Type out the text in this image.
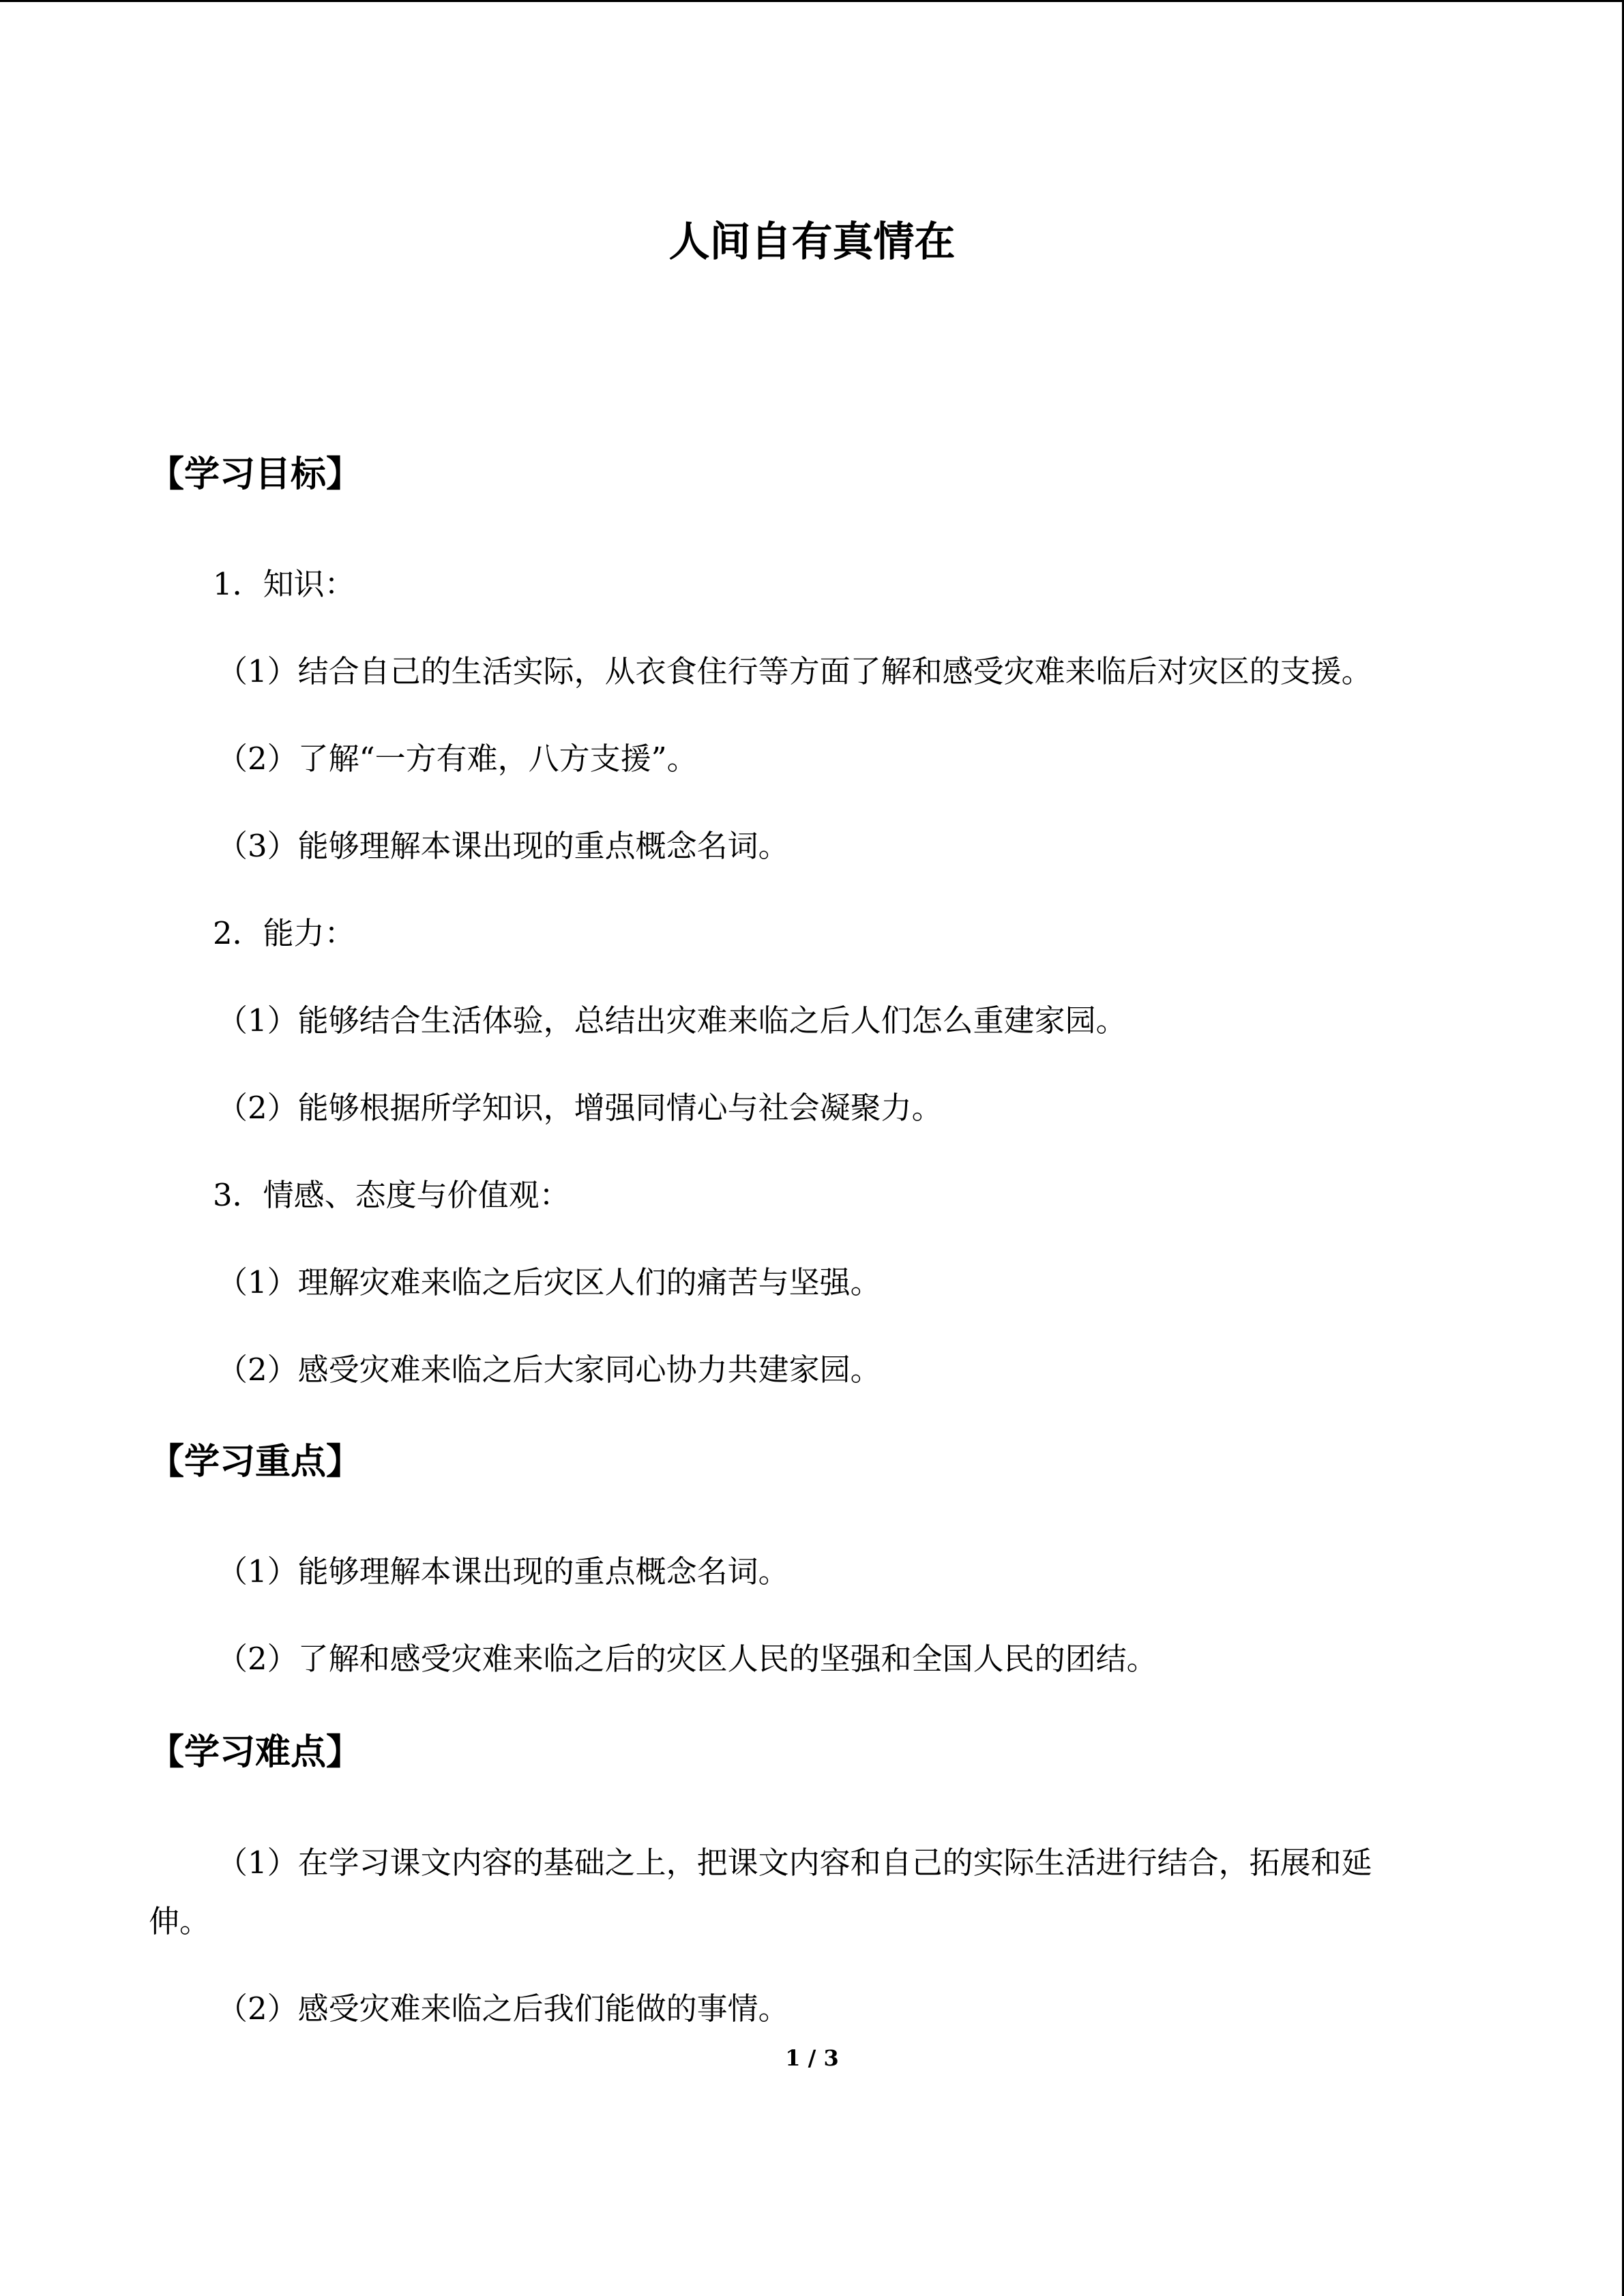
人间自有真情在
【学习目标】
1．知识：
（1）结合自己的生活实际，从衣食住行等方面了解和感受灾难来临后对灾区的支援。
（2）了解“一方有难，八方支援”。
（3）能够理解本课出现的重点概念名词。
2．能力：
（1）能够结合生活体验，总结出灾难来临之后人们怎么重建家园。
（2）能够根据所学知识，增强同情心与社会凝聚力。
3．情感、态度与价值观：
（1）理解灾难来临之后灾区人们的痛苦与坚强。
（2）感受灾难来临之后大家同心协力共建家园。
【学习重点】
（1）能够理解本课出现的重点概念名词。
（2）了解和感受灾难来临之后的灾区人民的坚强和全国人民的团结。
【学习难点】
（1）在学习课文内容的基础之上，把课文内容和自己的实际生活进行结合，拓展和延
伸。
（2）感受灾难来临之后我们能做的事情。
1 / 3
